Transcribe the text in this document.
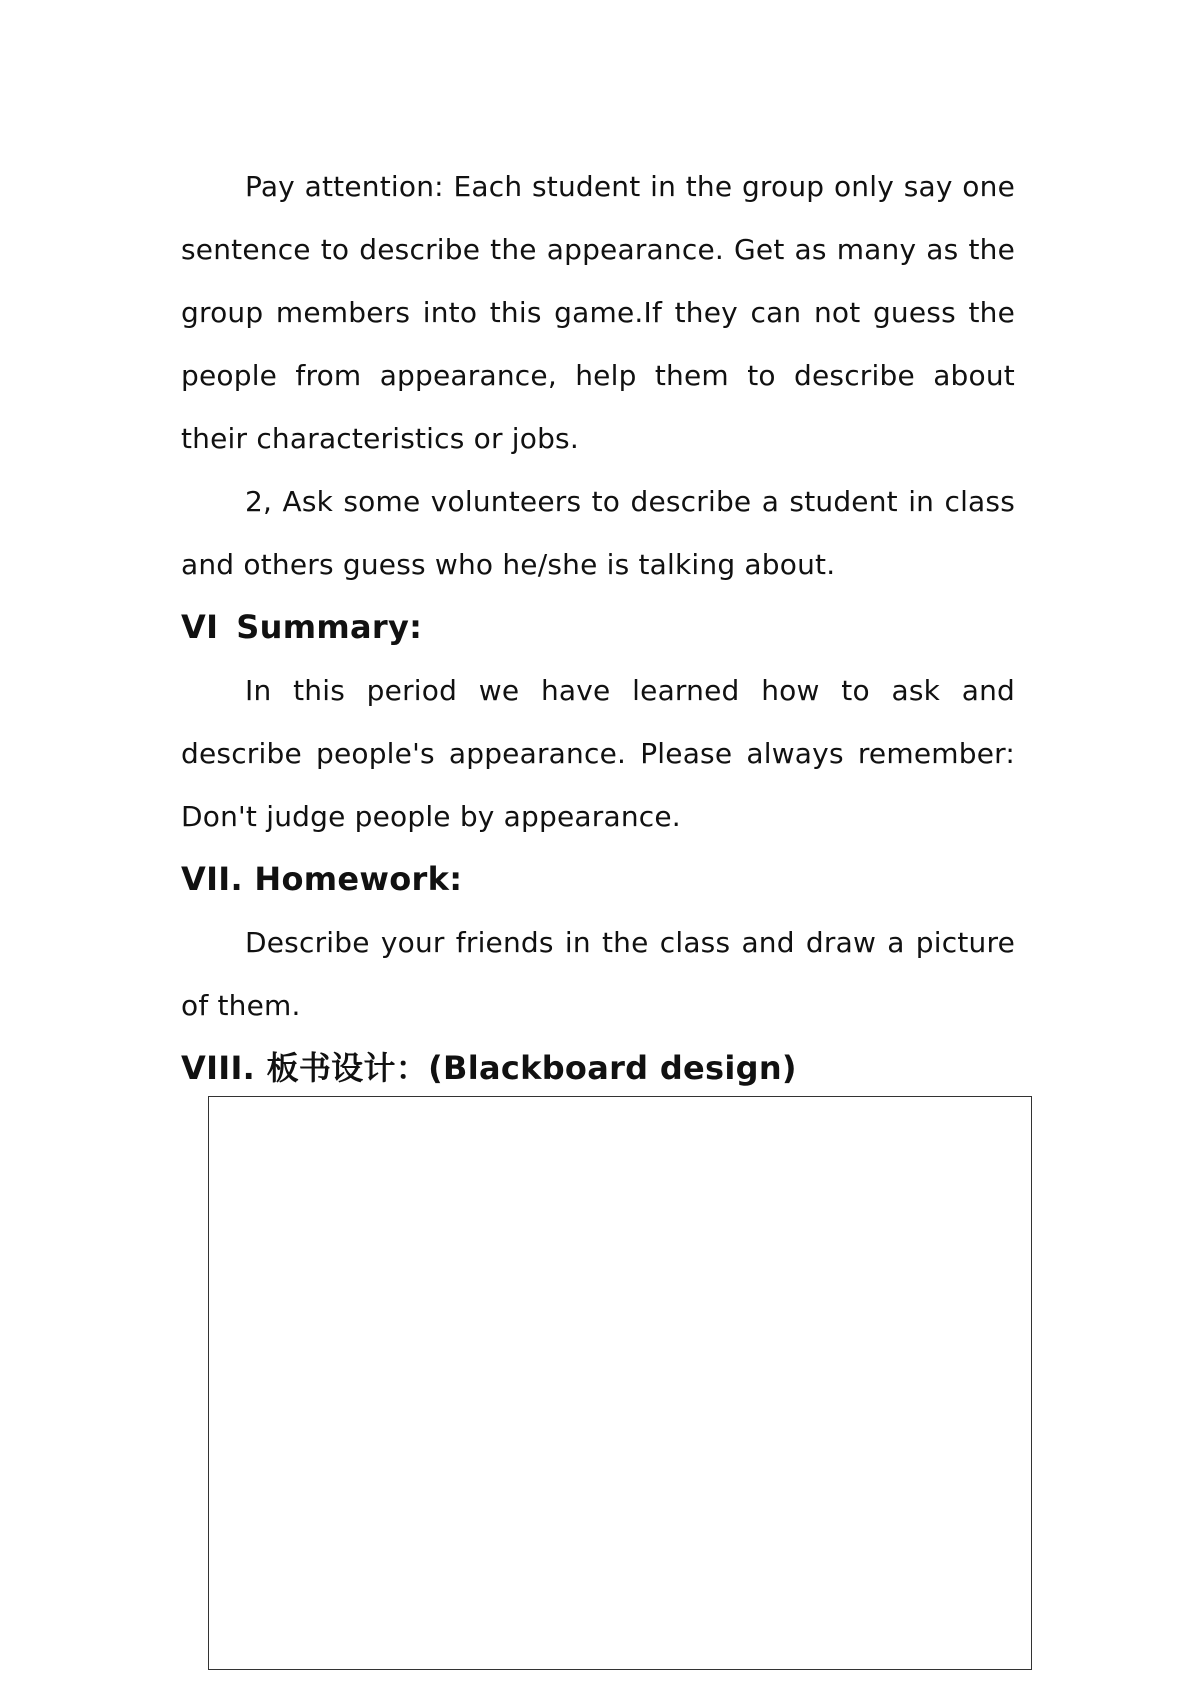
Pay attention: Each student in the group only say one sentence to describe the appearance. Get as many as the group members into this game.If they can not guess the people from appearance, help them to describe about their characteristics or jobs.

2, Ask some volunteers to describe a student in class and others guess who he/she is talking about.

VI Summary:

In this period we have learned how to ask and describe people's appearance. Please always remember: Don't judge people by appearance.

VII. Homework:

Describe your friends in the class and draw a picture of them.

VIII. 板书设计：(Blackboard design)
